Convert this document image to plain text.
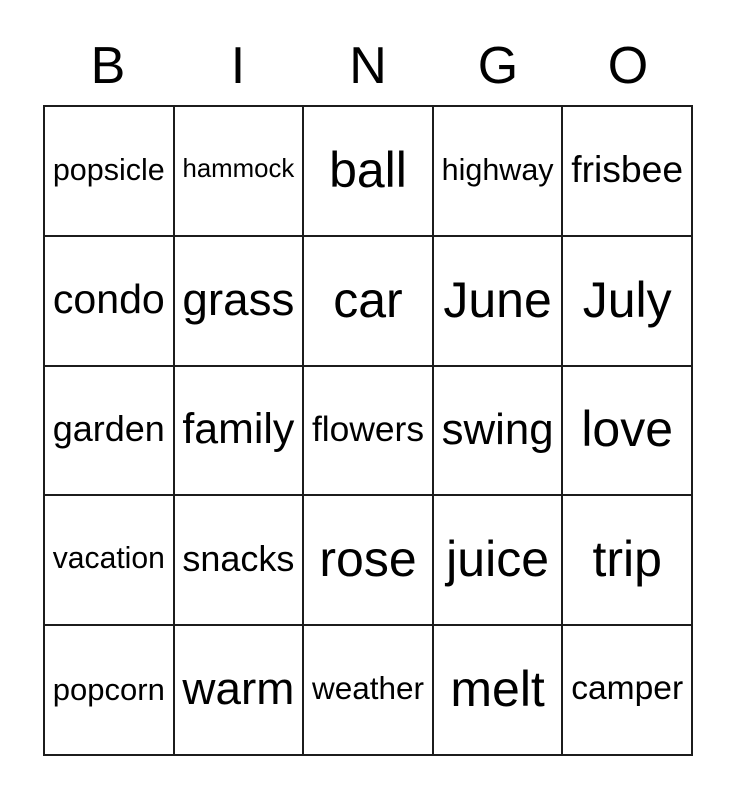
B	I	N	G	O
popsicle hammock ball highway frisbee
condo grass car June July
garden family flowers swing love
vacation snacks rose juice trip
popcorn warm weather melt camper
